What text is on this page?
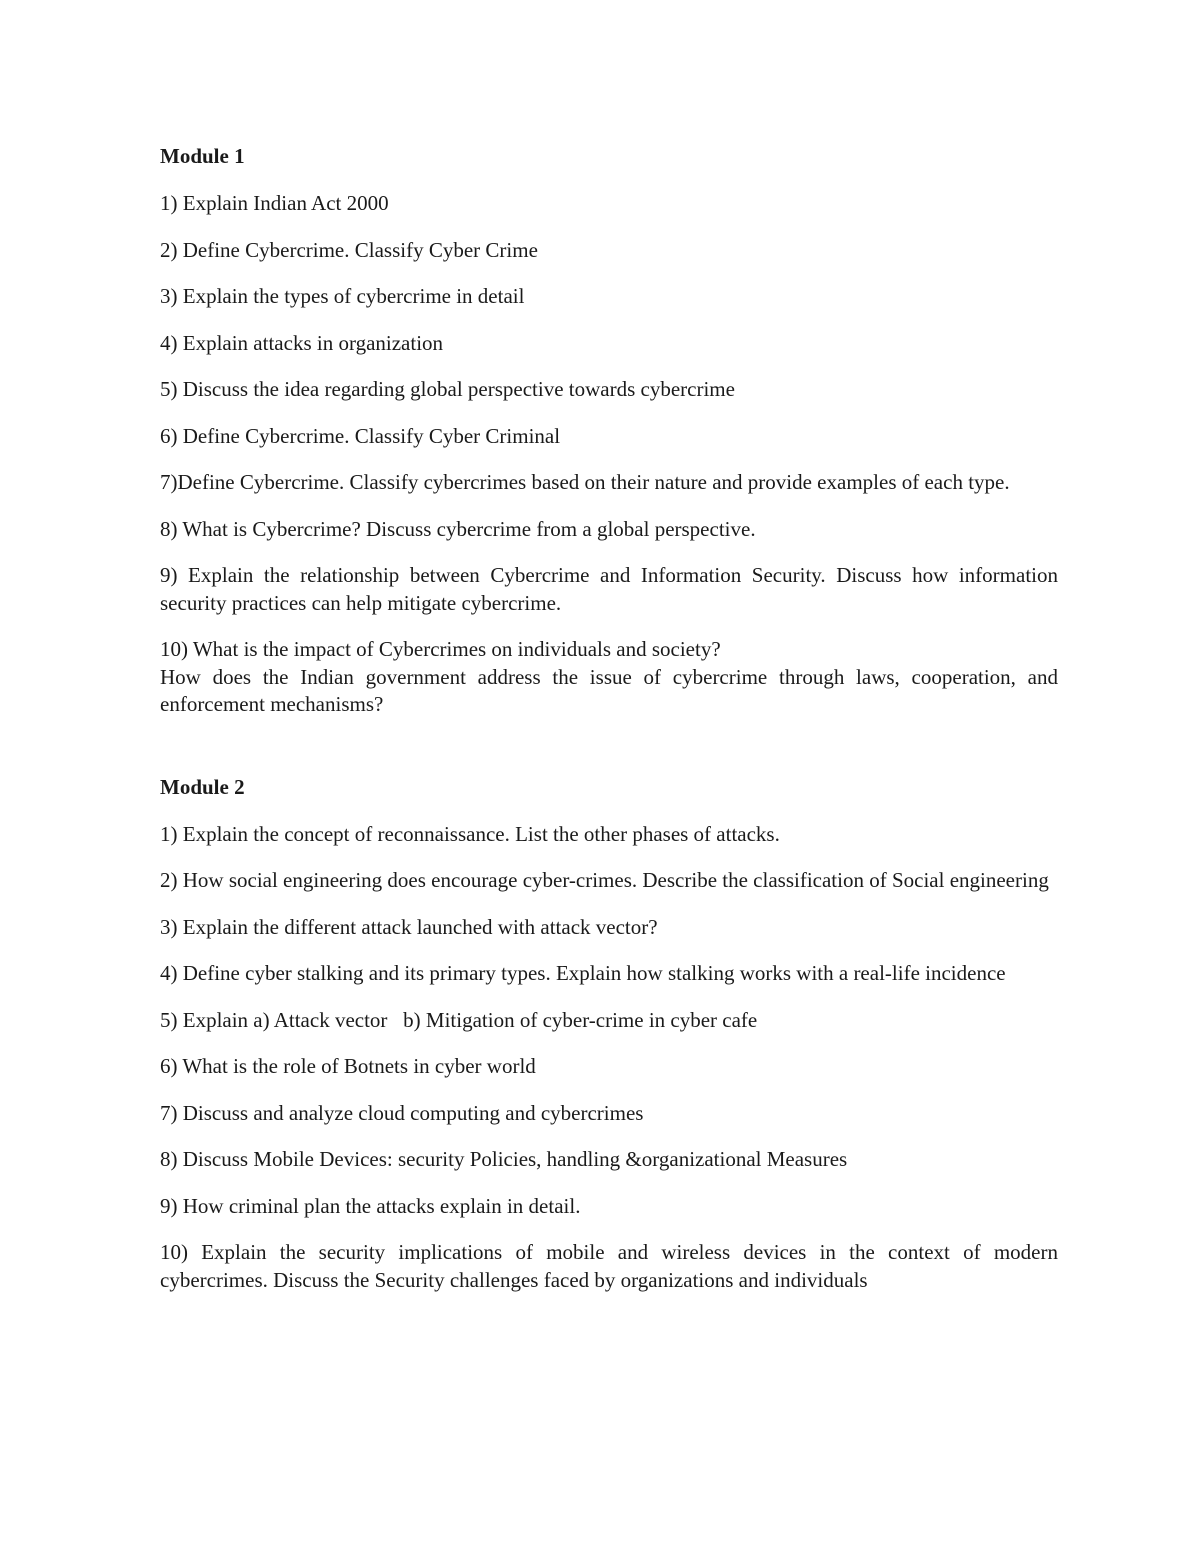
Module 1

1) Explain Indian Act 2000

2) Define Cybercrime. Classify Cyber Crime

3) Explain the types of cybercrime in detail

4) Explain attacks in organization

5) Discuss the idea regarding global perspective towards cybercrime

6) Define Cybercrime. Classify Cyber Criminal

7)Define Cybercrime. Classify cybercrimes based on their nature and provide examples of each type.

8) What is Cybercrime? Discuss cybercrime from a global perspective.

9) Explain the relationship between Cybercrime and Information Security. Discuss how information security practices can help mitigate cybercrime.

10) What is the impact of Cybercrimes on individuals and society?
How does the Indian government address the issue of cybercrime through laws, cooperation, and enforcement mechanisms?
Module 2

1) Explain the concept of reconnaissance. List the other phases of attacks.

2) How social engineering does encourage cyber-crimes. Describe the classification of Social engineering

3) Explain the different attack launched with attack vector?

4) Define cyber stalking and its primary types. Explain how stalking works with a real-life incidence

5) Explain a) Attack vector   b) Mitigation of cyber-crime in cyber cafe

6) What is the role of Botnets in cyber world

7) Discuss and analyze cloud computing and cybercrimes

8) Discuss Mobile Devices: security Policies, handling &organizational Measures

9) How criminal plan the attacks explain in detail.

10) Explain the security implications of mobile and wireless devices in the context of modern cybercrimes. Discuss the Security challenges faced by organizations and individuals
